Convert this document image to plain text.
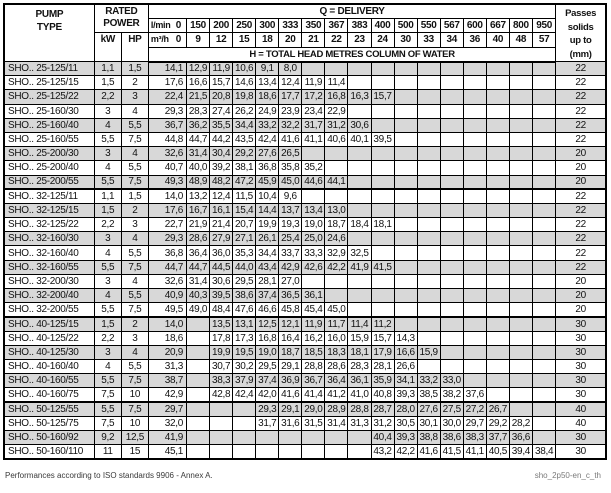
PUMP
TYPE

RATED
POWER
	Q = DELIVERY	Passes
solids
up to
(mm)

			l/min 0	150	200	250	300	333	350	367	383	400	500	550	567	600	667	800	950	
	kW	HP	m³/h 0	9	12	15	18	20	21	22	23	24	30	33	34	36	40	48	57	
			H = TOTAL HEAD METRES COLUMN OF WATER																	
SHO.. 25-125/11	1,1	1,5	14,1	12,9	11,9	10,6	9,1	8,0												22
SHO.. 25-125/15	1,5	2	17,6	16,6	15,7	14,6	13,4	12,4	11,9	11,4										22
SHO.. 25-125/22	2,2	3	22,4	21,5	20,8	19,8	18,6	17,7	17,2	16,8	16,3	15,7								22
SHO.. 25-160/30	3	4	29,3	28,3	27,4	26,2	24,9	23,9	23,4	22,9										22
SHO.. 25-160/40	4	5,5	36,7	36,2	35,5	34,4	33,2	32,2	31,7	31,2	30,6									22
SHO.. 25-160/55	5,5	7,5	44,8	44,7	44,2	43,5	42,4	41,6	41,1	40,6	40,1	39,5								22
SHO.. 25-200/30	3	4	32,6	31,4	30,4	29,2	27,6	26,5												20
SHO.. 25-200/40	4	5,5	40,7	40,0	39,2	38,1	36,8	35,8	35,2											20
SHO.. 25-200/55	5,5	7,5	49,3	48,9	48,2	47,2	45,9	45,0	44,6	44,1										20
SHO.. 32-125/11	1,1	1,5	14,0	13,2	12,4	11,5	10,4	9,6												22
SHO.. 32-125/15	1,5	2	17,6	16,7	16,1	15,4	14,4	13,7	13,4	13,0										22
SHO.. 32-125/22	2,2	3	22,7	21,9	21,4	20,7	19,9	19,3	19,0	18,7	18,4	18,1								22
SHO.. 32-160/30	3	4	29,3	28,6	27,9	27,1	26,1	25,4	25,0	24,6										22
SHO.. 32-160/40	4	5,5	36,8	36,4	36,0	35,3	34,4	33,7	33,3	32,9	32,5									22
SHO.. 32-160/55	5,5	7,5	44,7	44,7	44,5	44,0	43,4	42,9	42,6	42,2	41,9	41,5								22
SHO.. 32-200/30	3	4	32,6	31,4	30,6	29,5	28,1	27,0												20
SHO.. 32-200/40	4	5,5	40,9	40,3	39,5	38,6	37,4	36,5	36,1											20
SHO.. 32-200/55	5,5	7,5	49,5	49,0	48,4	47,6	46,6	45,8	45,4	45,0										20
SHO.. 40-125/15	1,5	2	14,0		13,5	13,1	12,5	12,1	11,9	11,7	11,4	11,2								30
SHO.. 40-125/22	2,2	3	18,6		17,8	17,3	16,8	16,4	16,2	16,0	15,9	15,7	14,3							30
SHO.. 40-125/30	3	4	20,9		19,9	19,5	19,0	18,7	18,5	18,3	18,1	17,9	16,6	15,9						30
SHO.. 40-160/40	4	5,5	31,3		30,7	30,2	29,5	29,1	28,8	28,6	28,3	28,1	26,6							30
SHO.. 40-160/55	5,5	7,5	38,7		38,3	37,9	37,4	36,9	36,7	36,4	36,1	35,9	34,1	33,2	33,0					30
SHO.. 40-160/75	7,5	10	42,9		42,8	42,4	42,0	41,6	41,4	41,2	41,0	40,8	39,3	38,5	38,2	37,6				30
SHO.. 50-125/55	5,5	7,5	29,7				29,3	29,1	29,0	28,9	28,8	28,7	28,0	27,6	27,5	27,2	26,7			40
SHO.. 50-125/75	7,5	10	32,0				31,7	31,6	31,5	31,4	31,3	31,2	30,5	30,1	30,0	29,7	29,2	28,2		40
SHO.. 50-160/92	9,2	12,5	41,9									40,4	39,3	38,8	38,6	38,3	37,7	36,6		30
SHO.. 50-160/110	11	15	45,1									43,2	42,2	41,6	41,5	41,1	40,5	39,4	38,4	30
Performances according to ISO standards 9906 - Annex A.	sho_2p50-en_c_th
